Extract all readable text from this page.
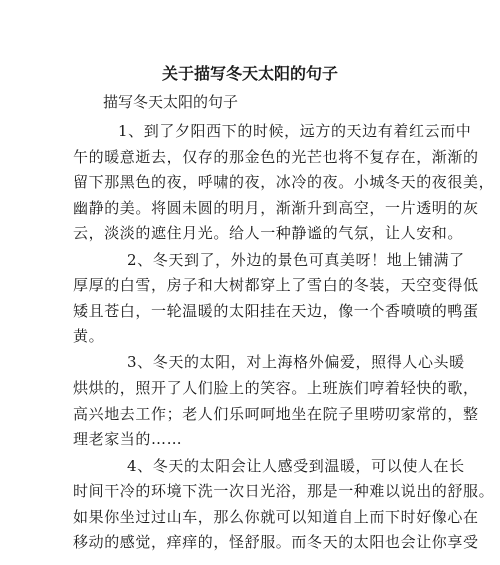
关于描写冬天太阳的句子
描写冬天太阳的句子
1、到了夕阳西下的时候，远方的天边有着红云而中
午的暖意逝去，仅存的那金色的光芒也将不复存在，渐渐的
留下那黑色的夜，呼啸的夜，冰冷的夜。小城冬天的夜很美，
幽静的美。将圆未圆的明月，渐渐升到高空，一片透明的灰
云，淡淡的遮住月光。给人一种静谧的气氛，让人安和。
2、冬天到了，外边的景色可真美呀！地上铺满了
厚厚的白雪，房子和大树都穿上了雪白的冬装，天空变得低
矮且苍白，一轮温暖的太阳挂在天边，像一个香喷喷的鸭蛋
黄。
3、冬天的太阳，对上海格外偏爱，照得人心头暖
烘烘的，照开了人们脸上的笑容。上班族们哼着轻快的歌，
高兴地去工作；老人们乐呵呵地坐在院子里唠叨家常的，整
理老家当的……
4、冬天的太阳会让人感受到温暖，可以使人在长
时间干冷的环境下洗一次日光浴，那是一种难以说出的舒服。
如果你坐过过山车，那么你就可以知道自上而下时好像心在
移动的感觉，痒痒的，怪舒服。而冬天的太阳也会让你享受
